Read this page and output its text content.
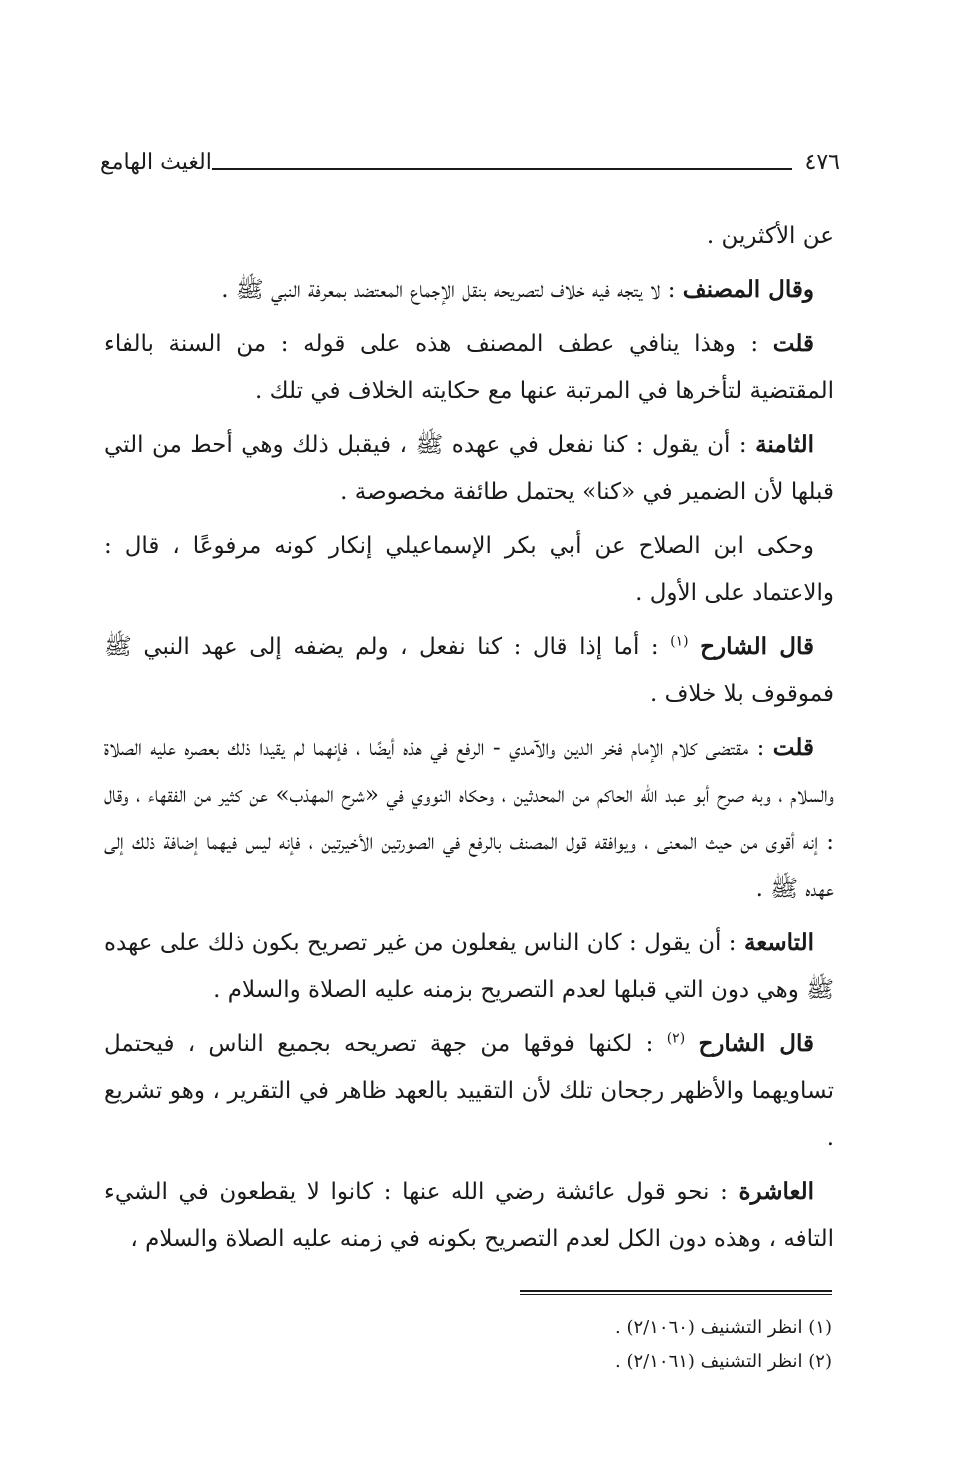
٤٧٦
الغيث الهامع

عن الأكثرين .

وقال المصنف : لا يتجه فيه خلاف لتصريحه بنقل الإجماع المعتضد بمعرفة النبي ﷺ .

قلت : وهذا ينافي عطف المصنف هذه على قوله : من السنة بالفاء المقتضية لتأخرها في المرتبة عنها مع حكايته الخلاف في تلك .

الثامنة : أن يقول : كنا نفعل في عهده ﷺ ، فيقبل ذلك وهي أحط من التي قبلها لأن الضمير في «كنا» يحتمل طائفة مخصوصة .

وحكى ابن الصلاح عن أبي بكر الإسماعيلي إنكار كونه مرفوعًا ، قال : والاعتماد على الأول .

قال الشارح $^{(١)}$ : أما إذا قال : كنا نفعل ، ولم يضفه إلى عهد النبي ﷺ فموقوف بلا خلاف .

قلت : مقتضى كلام الإمام فخر الدين والآمدي - الرفع في هذه أيضًا ، فإنهما لم يقيدا ذلك بعصره عليه الصلاة والسلام ، وبه صرح أبو عبد الله الحاكم من المحدثين ، وحكاه النووي في «شرح المهذب» عن كثير من الفقهاء ، وقال : إنه أقوى من حيث المعنى ، ويوافقه قول المصنف بالرفع في الصورتين الأخيرتين ، فإنه ليس فيهما إضافة ذلك إلى عهده ﷺ .

التاسعة : أن يقول : كان الناس يفعلون من غير تصريح بكون ذلك على عهده ﷺ وهي دون التي قبلها لعدم التصريح بزمنه عليه الصلاة والسلام .

قال الشارح $^{(٢)}$ : لكنها فوقها من جهة تصريحه بجميع الناس ، فيحتمل تساويهما والأظهر رجحان تلك لأن التقييد بالعهد ظاهر في التقرير ، وهو تشريع .

العاشرة : نحو قول عائشة رضي الله عنها : كانوا لا يقطعون في الشيء التافه ، وهذه دون الكل لعدم التصريح بكونه في زمنه عليه الصلاة والسلام ،

(١) انظر التشنيف (٢/١٠٦٠) .
(٢) انظر التشنيف (٢/١٠٦١) .
